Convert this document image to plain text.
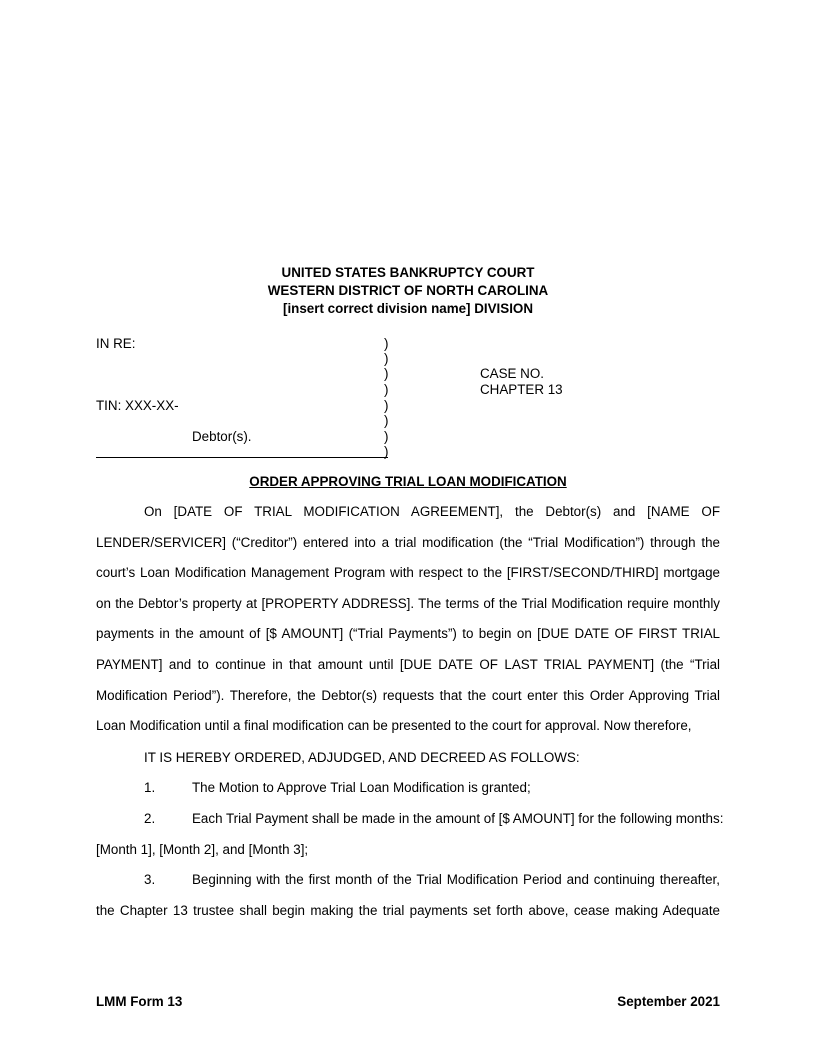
UNITED STATES BANKRUPTCY COURT
WESTERN DISTRICT OF NORTH CAROLINA
[insert correct division name] DIVISION
IN RE:
TIN: XXX-XX-
Debtor(s).
)
)
)
)
)
)
)
)
CASE NO.
CHAPTER 13
ORDER APPROVING TRIAL LOAN MODIFICATION
On [DATE OF TRIAL MODIFICATION AGREEMENT], the Debtor(s) and [NAME OF LENDER/SERVICER] (“Creditor”) entered into a trial modification (the “Trial Modification”) through the court’s Loan Modification Management Program with respect to the [FIRST/SECOND/THIRD] mortgage on the Debtor’s property at [PROPERTY ADDRESS]. The terms of the Trial Modification require monthly payments in the amount of [$ AMOUNT] (“Trial Payments”) to begin on [DUE DATE OF FIRST TRIAL PAYMENT] and to continue in that amount until [DUE DATE OF LAST TRIAL PAYMENT] (the “Trial Modification Period”). Therefore, the Debtor(s) requests that the court enter this Order Approving Trial Loan Modification until a final modification can be presented to the court for approval. Now therefore,
IT IS HEREBY ORDERED, ADJUDGED, AND DECREED AS FOLLOWS:
1.	The Motion to Approve Trial Loan Modification is granted;
2.	Each Trial Payment shall be made in the amount of [$ AMOUNT] for the following months:
[Month 1], [Month 2], and [Month 3];
3.	Beginning with the first month of the Trial Modification Period and continuing thereafter,
the Chapter 13 trustee shall begin making the trial payments set forth above, cease making Adequate
LMM Form 13	September 2021
